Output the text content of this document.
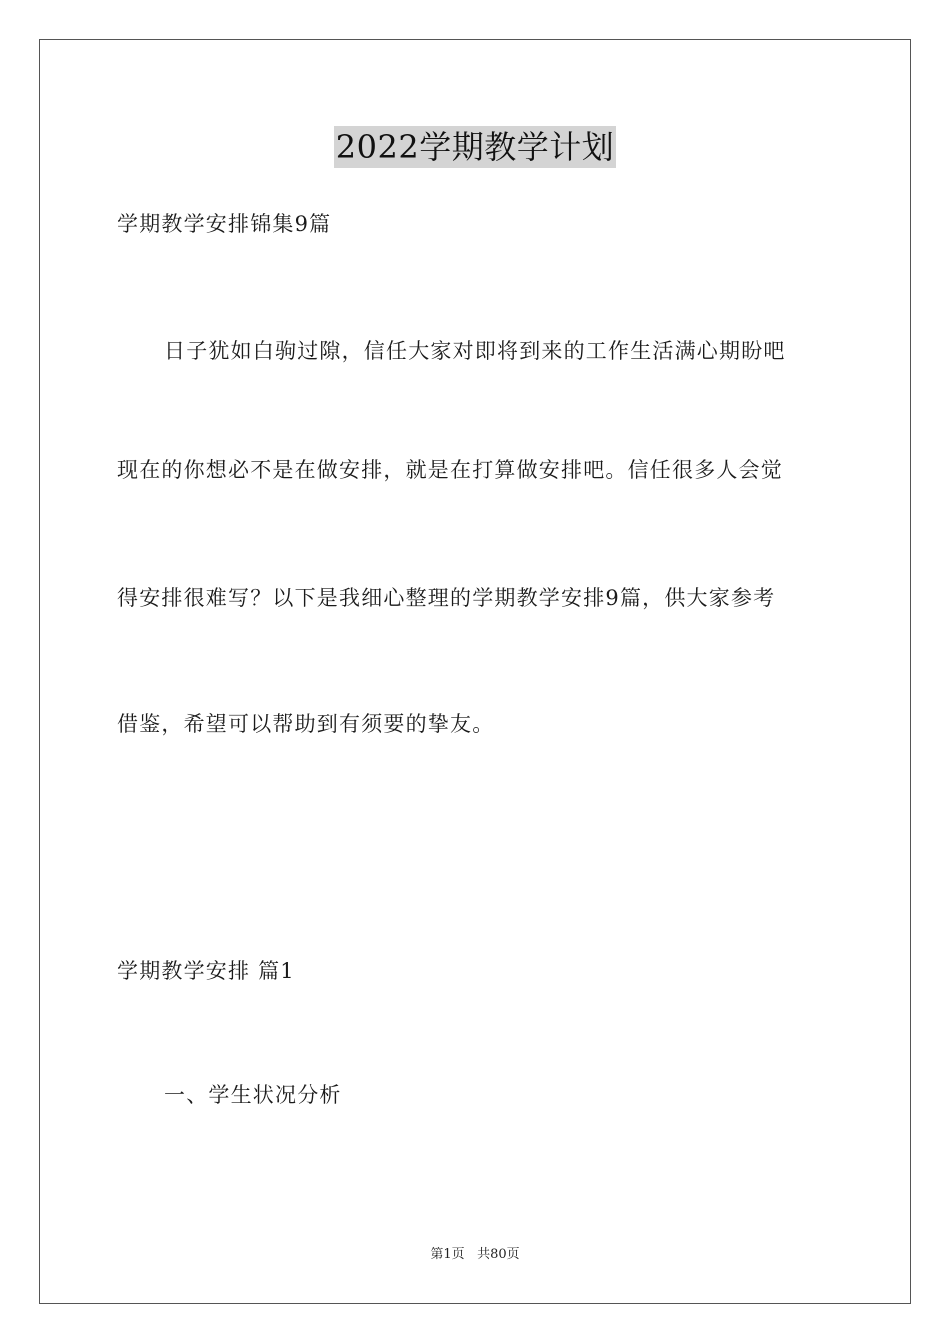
2022学期教学计划
学期教学安排锦集9篇
日子犹如白驹过隙，信任大家对即将到来的工作生活满心期盼吧
现在的你想必不是在做安排，就是在打算做安排吧。信任很多人会觉
得安排很难写？以下是我细心整理的学期教学安排9篇，供大家参考
借鉴，希望可以帮助到有须要的挚友。
学期教学安排 篇1
一、学生状况分析
第1页 共80页
